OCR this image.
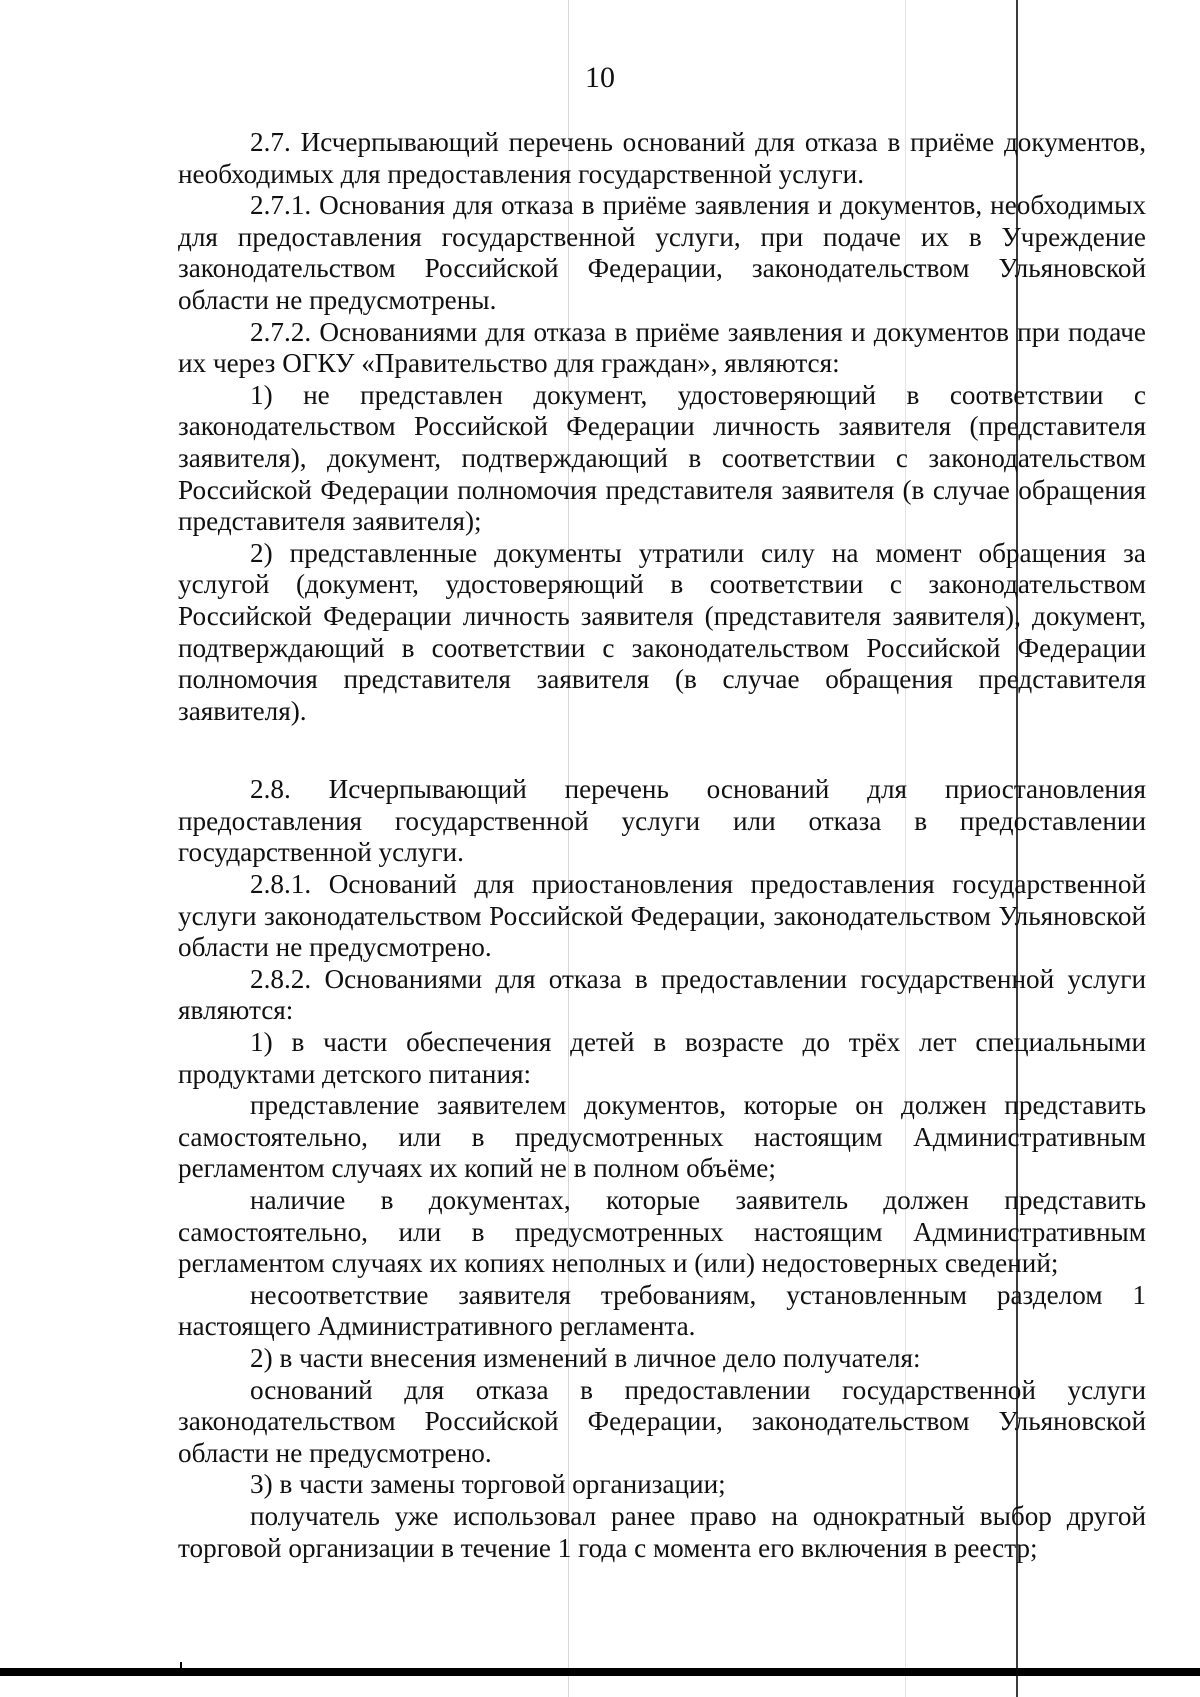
10

2.7. Исчерпывающий перечень оснований для отказа в приёме документов, необходимых для предоставления государственной услуги.

2.7.1. Основания для отказа в приёме заявления и документов, необходимых для предоставления государственной услуги, при подаче их в Учреждение законодательством Российской Федерации, законодательством Ульяновской области не предусмотрены.

2.7.2. Основаниями для отказа в приёме заявления и документов при подаче их через ОГКУ «Правительство для граждан», являются:

1) не представлен документ, удостоверяющий в соответствии с законодательством Российской Федерации личность заявителя (представителя заявителя), документ, подтверждающий в соответствии с законодательством Российской Федерации полномочия представителя заявителя (в случае обращения представителя заявителя);

2) представленные документы утратили силу на момент обращения за услугой (документ, удостоверяющий в соответствии с законодательством Российской Федерации личность заявителя (представителя заявителя), документ, подтверждающий в соответствии с законодательством Российской Федерации полномочия представителя заявителя (в случае обращения представителя заявителя).

2.8. Исчерпывающий перечень оснований для приостановления предоставления государственной услуги или отказа в предоставлении государственной услуги.

2.8.1. Оснований для приостановления предоставления государственной услуги законодательством Российской Федерации, законодательством Ульяновской области не предусмотрено.

2.8.2. Основаниями для отказа в предоставлении государственной услуги являются:

1) в части обеспечения детей в возрасте до трёх лет специальными продуктами детского питания:

представление заявителем документов, которые он должен представить самостоятельно, или в предусмотренных настоящим Административным регламентом случаях их копий не в полном объёме;

наличие в документах, которые заявитель должен представить самостоятельно, или в предусмотренных настоящим Административным регламентом случаях их копиях неполных и (или) недостоверных сведений;

несоответствие заявителя требованиям, установленным разделом 1 настоящего Административного регламента.

2) в части внесения изменений в личное дело получателя:

оснований для отказа в предоставлении государственной услуги законодательством Российской Федерации, законодательством Ульяновской области не предусмотрено.

3) в части замены торговой организации;

получатель уже использовал ранее право на однократный выбор другой торговой организации в течение 1 года с момента его включения в реестр;
